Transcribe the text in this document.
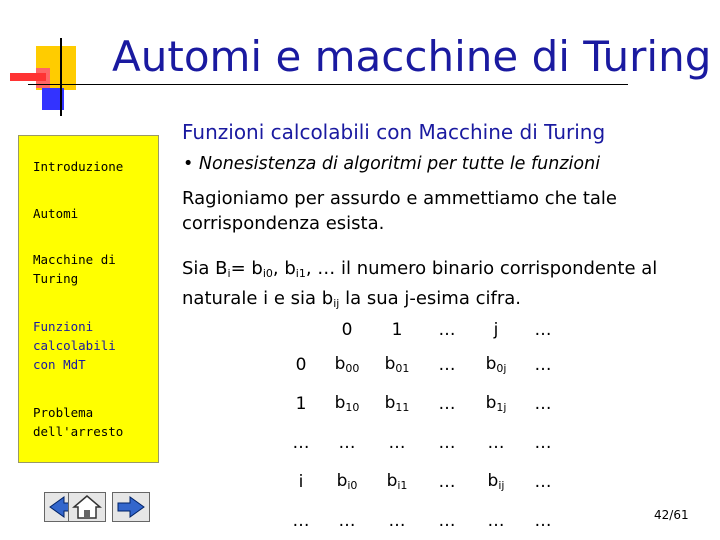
Automi e macchine di Turing
Introduzione
Automi
Macchine di Turing
Funzioni calcolabili con MdT
Problema dell'arresto
Funzioni calcolabili con Macchine di Turing
• Nonesistenza di algoritmi per tutte le funzioni
Ragioniamo per assurdo e ammettiamo che tale corrispondenza esista.
Sia $B_i= b_{i0}$, $b_{i1}$, … il numero binario corrispondente al naturale i e sia $b_{ij}$ la sua j-esima cifra.
	0	1	…	j	…
0	$b_{00}$	$b_{01}$	…	$b_{0j}$	…
1	$b_{10}$	$b_{11}$	…	$b_{1j}$	…
…	…	…	…	…	…
i	$b_{i0}$	$b_{i1}$	…	$b_{ij}$	…
…	…	…	…	…	…	42/61
